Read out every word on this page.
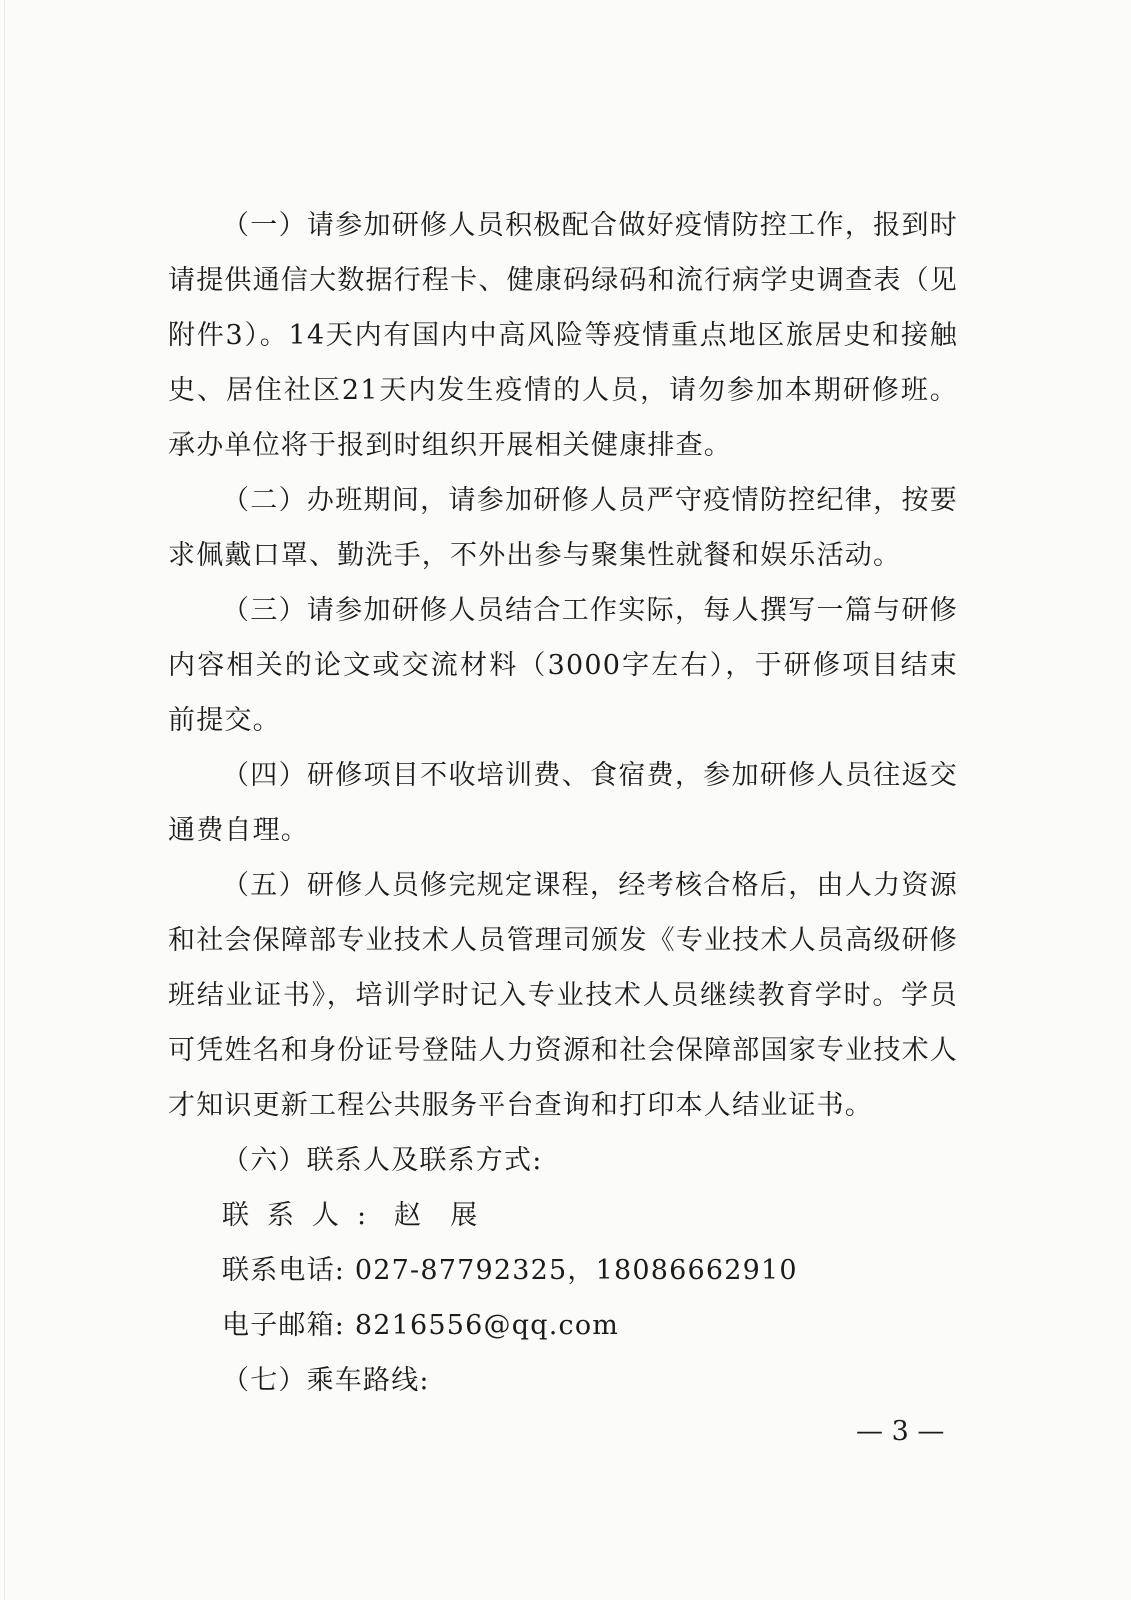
（一）请参加研修人员积极配合做好疫情防控工作，报到时请提供通信大数据行程卡、健康码绿码和流行病学史调查表（见附件3）。14天内有国内中高风险等疫情重点地区旅居史和接触史、居住社区21天内发生疫情的人员，请勿参加本期研修班。承办单位将于报到时组织开展相关健康排查。

（二）办班期间，请参加研修人员严守疫情防控纪律，按要求佩戴口罩、勤洗手，不外出参与聚集性就餐和娱乐活动。

（三）请参加研修人员结合工作实际，每人撰写一篇与研修内容相关的论文或交流材料（3000字左右），于研修项目结束前提交。

（四）研修项目不收培训费、食宿费，参加研修人员往返交通费自理。

（五）研修人员修完规定课程，经考核合格后，由人力资源和社会保障部专业技术人员管理司颁发《专业技术人员高级研修班结业证书》，培训学时记入专业技术人员继续教育学时。学员可凭姓名和身份证号登陆人力资源和社会保障部国家专业技术人才知识更新工程公共服务平台查询和打印本人结业证书。

（六）联系人及联系方式:

联系人: 赵　展

联系电话: 027-87792325，18086662910

电子邮箱: 8216556@qq.com

（七）乘车路线:

— 3 —
